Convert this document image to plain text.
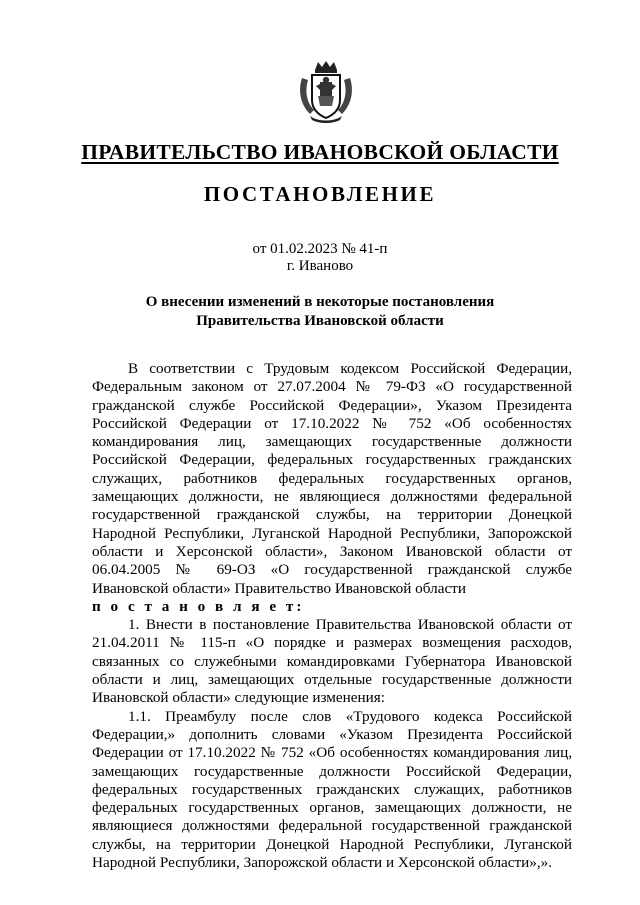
ПРАВИТЕЛЬСТВО ИВАНОВСКОЙ ОБЛАСТИ
ПОСТАНОВЛЕНИЕ
от 01.02.2023 № 41-п
г. Иваново
О внесении изменений в некоторые постановления
Правительства Ивановской области

В соответствии с Трудовым кодексом Российской Федерации, Федеральным законом от 27.07.2004 № 79-ФЗ «О государственной гражданской службе Российской Федерации», Указом Президента Российской Федерации от 17.10.2022 № 752 «Об особенностях командирования лиц, замещающих государственные должности Российской Федерации, федеральных государственных гражданских служащих, работников федеральных государственных органов, замещающих должности, не являющиеся должностями федеральной государственной гражданской службы, на территории Донецкой Народной Республики, Луганской Народной Республики, Запорожской области и Херсонской области», Законом Ивановской области от 06.04.2005 № 69-ОЗ «О государственной гражданской службе Ивановской области» Правительство Ивановской области

п о с т а н о в л я е т:

1. Внести в постановление Правительства Ивановской области от 21.04.2011 № 115-п «О порядке и размерах возмещения расходов, связанных со служебными командировками Губернатора Ивановской области и лиц, замещающих отдельные государственные должности Ивановской области» следующие изменения:

1.1. Преамбулу после слов «Трудового кодекса Российской Федерации,» дополнить словами «Указом Президента Российской Федерации от 17.10.2022 № 752 «Об особенностях командирования лиц, замещающих государственные должности Российской Федерации, федеральных государственных гражданских служащих, работников федеральных государственных органов, замещающих должности, не являющиеся должностями федеральной государственной гражданской службы, на территории Донецкой Народной Республики, Луганской Народной Республики, Запорожской области и Херсонской области»,».
